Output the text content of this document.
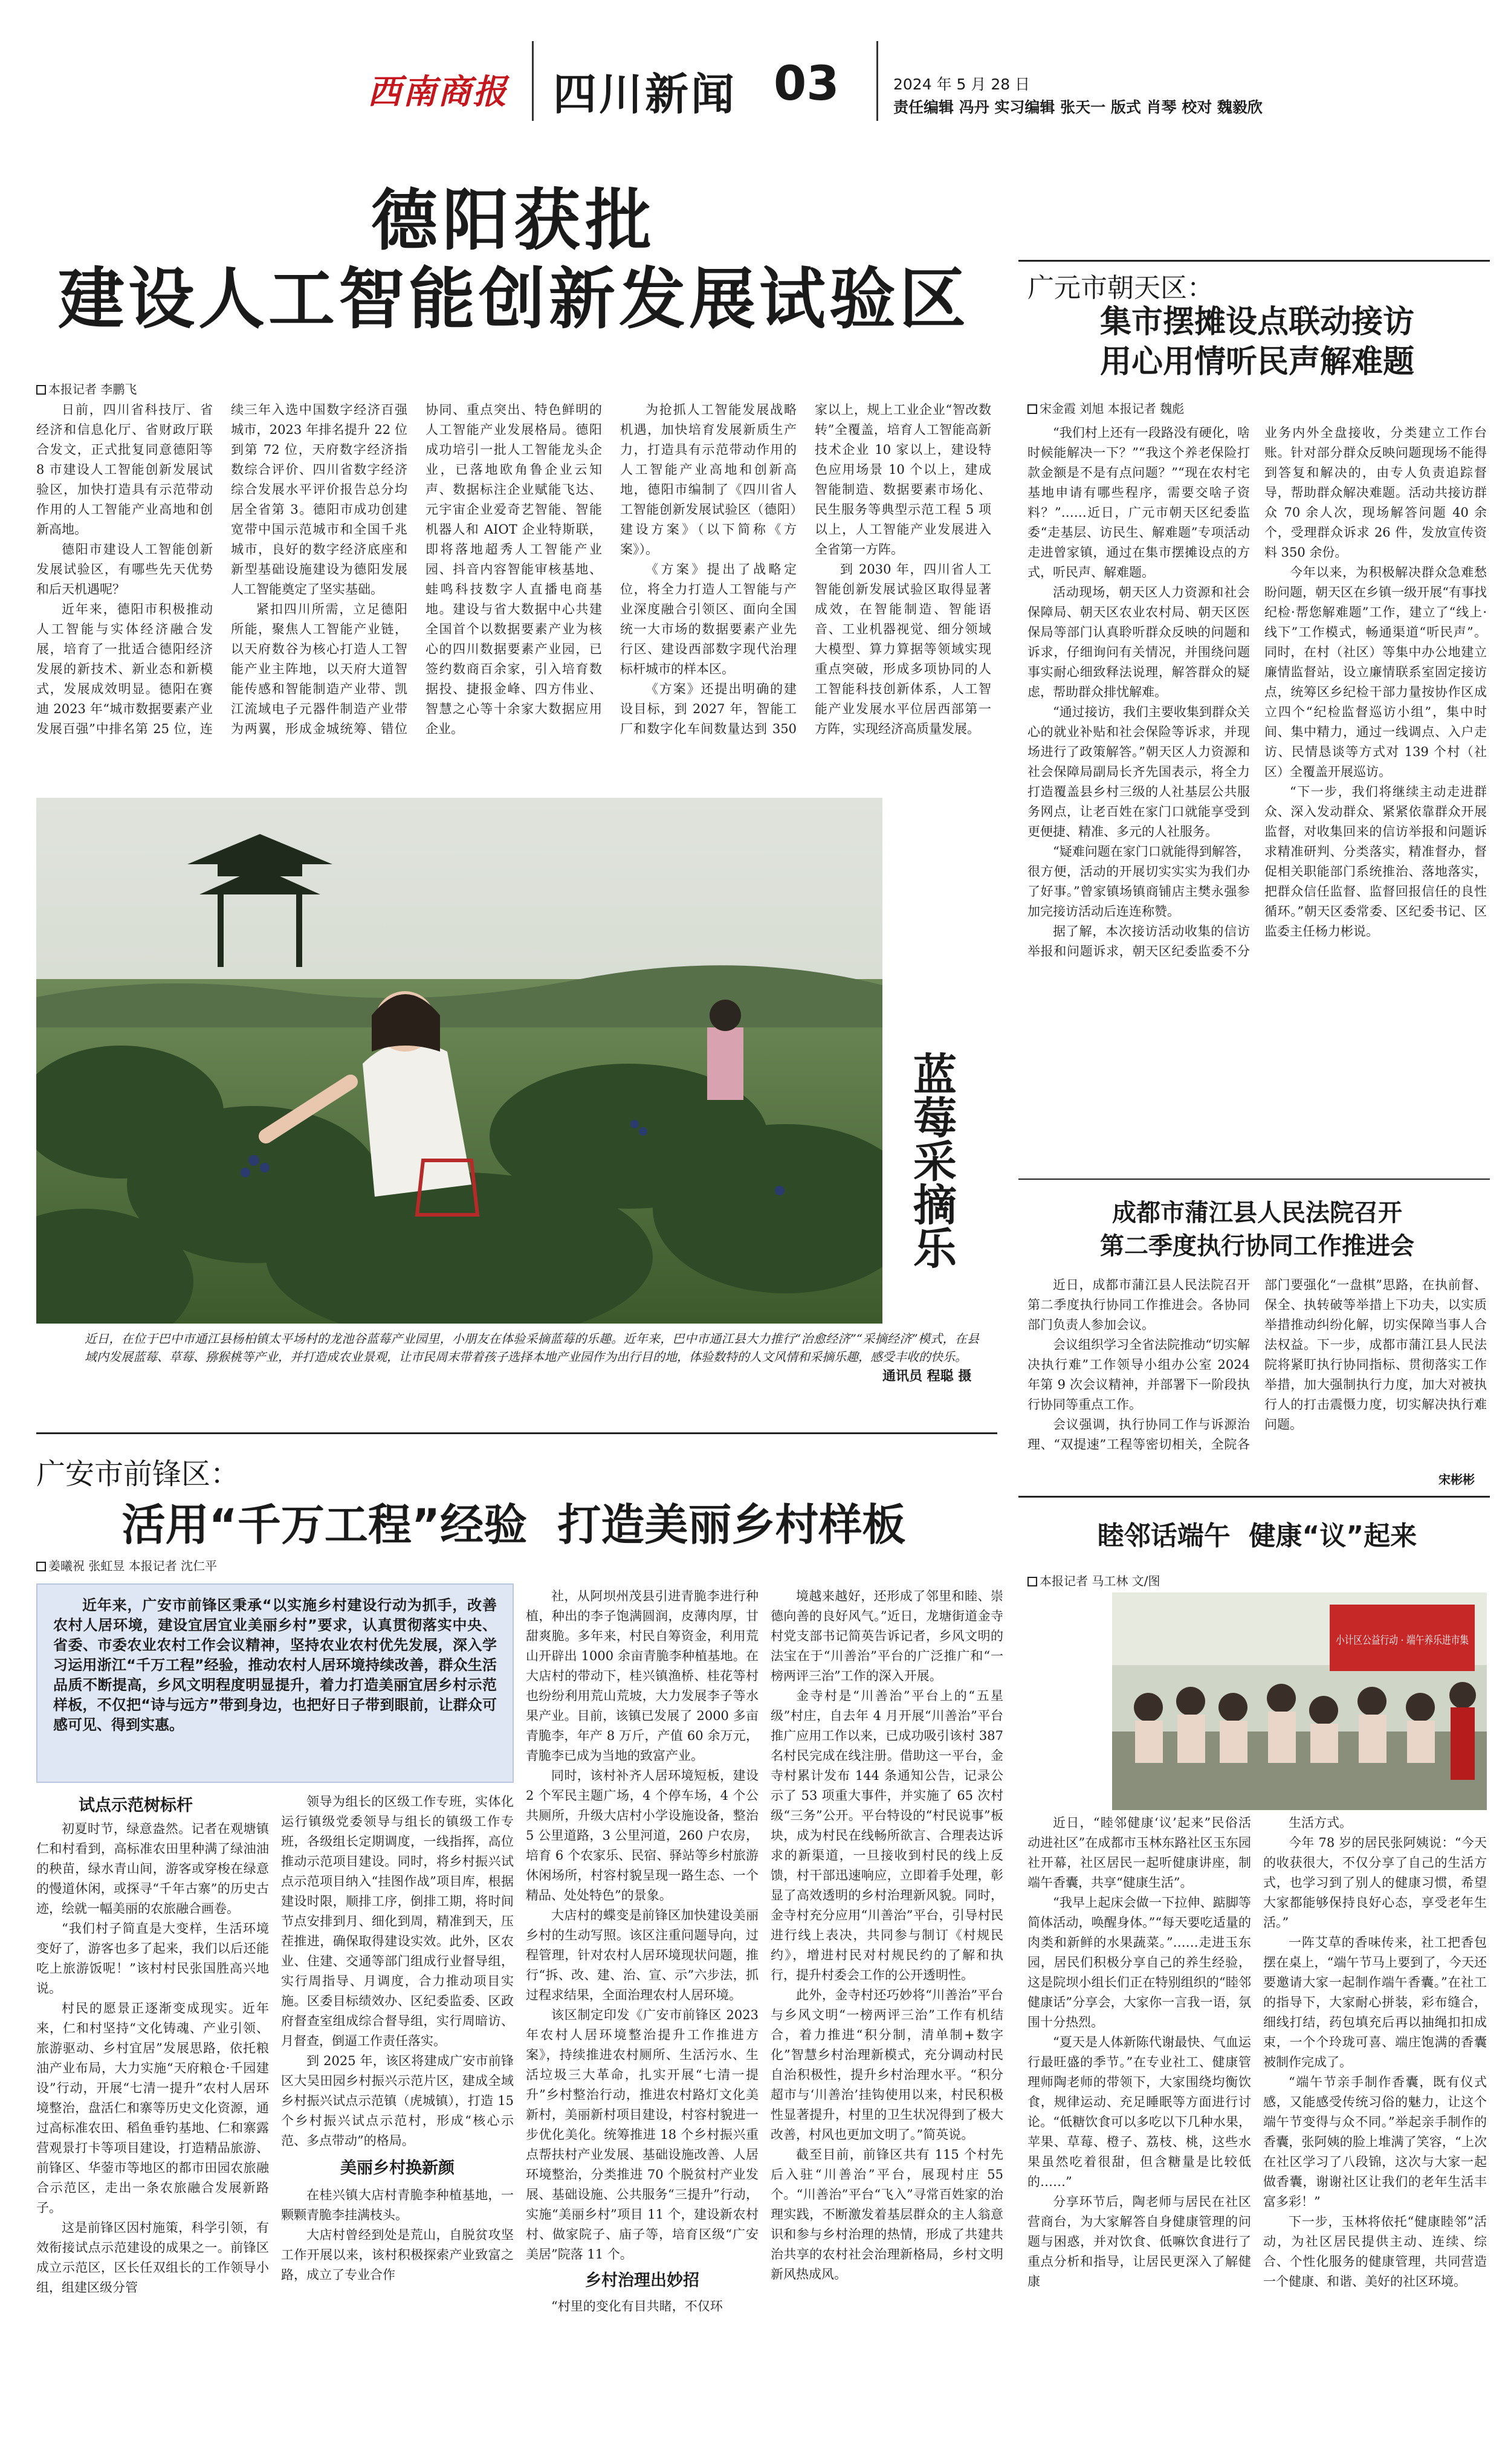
西南商报 四川新闻 03	2024 年 5 月 28 日
责任编辑 冯丹 实习编辑 张天一 版式 肖琴 校对 魏毅欣
德阳获批
建设人工智能创新发展试验区
本报记者 李鹏飞

日前，四川省科技厅、省经济和信息化厅、省财政厅联合发文，正式批复同意德阳等 8 市建设人工智能创新发展试验区，加快打造具有示范带动作用的人工智能产业高地和创新高地。

德阳市建设人工智能创新发展试验区，有哪些先天优势和后天机遇呢？

近年来，德阳市积极推动人工智能与实体经济融合发展，培育了一批适合德阳经济发展的新技术、新业态和新模式，发展成效明显。德阳在赛迪 2023 年“城市数据要素产业发展百强”中排名第 25 位，连续三年入选中国数字经济百强城市，2023 年排名提升 22 位到第 72 位，天府数字经济指数综合评价、四川省数字经济综合发展水平评价报告总分均居全省第 3。德阳市成功创建宽带中国示范城市和全国千兆城市，良好的数字经济底座和新型基础设施建设为德阳发展人工智能奠定了坚实基础。

紧扣四川所需，立足德阳所能，聚焦人工智能产业链，以天府数谷为核心打造人工智能产业主阵地，以天府大道智能传感和智能制造产业带、凯江流域电子元器件制造产业带为两翼，形成金城统筹、错位协同、重点突出、特色鲜明的人工智能产业发展格局。德阳成功培引一批人工智能龙头企业，已落地欧角鲁企业云知声、数据标注企业赋能飞达、元宇宙企业爱奇艺智能、智能机器人和 AIOT 企业特斯联，即将落地超秀人工智能产业园、抖音内容智能审核基地、蛙鸣科技数字人直播电商基地。建设与省大数据中心共建全国首个以数据要素产业为核心的四川数据要素产业园，已签约数商百余家，引入培育数据投、捷报金峰、四方伟业、智慧之心等十余家大数据应用企业。

为抢抓人工智能发展战略机遇，加快培育发展新质生产力，打造具有示范带动作用的人工智能产业高地和创新高地，德阳市编制了《四川省人工智能创新发展试验区（德阳）建设方案》（以下简称《方案》）。

《方案》提出了战略定位，将全力打造人工智能与产业深度融合引领区、面向全国统一大市场的数据要素产业先行区、建设西部数字现代治理标杆城市的样本区。

《方案》还提出明确的建设目标，到 2027 年，智能工厂和数字化车间数量达到 350 家以上，规上工业企业“智改数转”全覆盖，培育人工智能高新技术企业 10 家以上，建设特色应用场景 10 个以上，建成智能制造、数据要素市场化、民生服务等典型示范工程 5 项以上，人工智能产业发展进入全省第一方阵。

到 2030 年，四川省人工智能创新发展试验区取得显著成效，在智能制造、智能语音、工业机器视觉、细分领域大模型、算力算据等领域实现重点突破，形成多项协同的人工智能科技创新体系，人工智能产业发展水平位居西部第一方阵，实现经济高质量发展。

蓝莓采摘乐
近日，在位于巴中市通江县杨柏镇太平场村的龙池谷蓝莓产业园里，小朋友在体验采摘蓝莓的乐趣。近年来，巴中市通江县大力推行“治愈经济”“采摘经济”模式，在县域内发展蓝莓、草莓、猕猴桃等产业，并打造成农业景观，让市民周末带着孩子选择本地产业园作为出行目的地，体验数特的人文风情和采摘乐趣，感受丰收的快乐。
通讯员 程聪 摄
广元市朝天区：
集市摆摊设点联动接访
用心用情听民声解难题
宋金霞 刘旭 本报记者 魏彪

“我们村上还有一段路没有硬化，啥时候能解决一下？”“我这个养老保险打款金额是不是有点问题？”“现在农村宅基地申请有哪些程序，需要交啥子资料？”……近日，广元市朝天区纪委监委“走基层、访民生、解难题”专项活动走进曾家镇，通过在集市摆摊设点的方式，听民声、解难题。

活动现场，朝天区人力资源和社会保障局、朝天区农业农村局、朝天区医保局等部门认真聆听群众反映的问题和诉求，仔细询问有关情况，并围绕问题事实耐心细致释法说理，解答群众的疑虑，帮助群众排忧解难。

“通过接访，我们主要收集到群众关心的就业补贴和社会保险等诉求，并现场进行了政策解答。”朝天区人力资源和社会保障局副局长齐先国表示，将全力打造覆盖县乡村三级的人社基层公共服务网点，让老百姓在家门口就能享受到更便捷、精准、多元的人社服务。

“疑难问题在家门口就能得到解答，很方便，活动的开展切实实实为我们办了好事。”曾家镇场镇商铺店主樊永强参加完接访活动后连连称赞。

据了解，本次接访活动收集的信访举报和问题诉求，朝天区纪委监委不分业务内外全盘接收，分类建立工作台账。针对部分群众反映问题现场不能得到答复和解决的，由专人负责追踪督导，帮助群众解决难题。活动共接访群众 70 余人次，现场解答问题 40 余个，受理群众诉求 26 件，发放宣传资料 350 余份。

今年以来，为积极解决群众急难愁盼问题，朝天区在乡镇一级开展“有事找纪检·帮您解难题”工作，建立了“线上·线下”工作模式，畅通渠道“听民声”。同时，在村（社区）等集中办公地建立廉情监督站，设立廉情联系室固定接访点，统筹区乡纪检干部力量按协作区成立四个“纪检监督巡访小组”，集中时间、集中精力，通过一线调点、入户走访、民情恳谈等方式对 139 个村（社区）全覆盖开展巡访。

“下一步，我们将继续主动走进群众、深入发动群众、紧紧依靠群众开展监督，对收集回来的信访举报和问题诉求精准研判、分类落实，精准督办，督促相关职能部门系统推治、落地落实，把群众信任监督、监督回报信任的良性循环。”朝天区委常委、区纪委书记、区监委主任杨力彬说。

成都市蒲江县人民法院召开
第二季度执行协同工作推进会

近日，成都市蒲江县人民法院召开第二季度执行协同工作推进会。各协同部门负责人参加会议。

会议组织学习全省法院推动“切实解决执行难”工作领导小组办公室 2024 年第 9 次会议精神，并部署下一阶段执行协同等重点工作。

会议强调，执行协同工作与诉源治理、“双提速”工程等密切相关，全院各部门要强化“一盘棋”思路，在执前督、保全、执转破等举措上下功夫，以实质举措推动纠纷化解，切实保障当事人合法权益。下一步，成都市蒲江县人民法院将紧盯执行协同指标、贯彻落实工作举措，加大强制执行力度，加大对被执行人的打击震慑力度，切实解决执行难问题。

宋彬彬
广安市前锋区：
活用“千万工程”经验  打造美丽乡村样板
姜曦祝 张虹昱 本报记者 沈仁平
近年来，广安市前锋区秉承“以实施乡村建设行动为抓手，改善农村人居环境，建设宜居宜业美丽乡村”要求，认真贯彻落实中央、省委、市委农业农村工作会议精神，坚持农业农村优先发展，深入学习运用浙江“千万工程”经验，推动农村人居环境持续改善，群众生活品质不断提高，乡风文明程度明显提升，着力打造美丽宜居乡村示范样板，不仅把“诗与远方”带到身边，也把好日子带到眼前，让群众可感可见、得到实惠。
试点示范树标杆

初夏时节，绿意盎然。记者在观塘镇仁和村看到，高标准农田里种满了绿油油的秧苗，绿水青山间，游客或穿梭在绿意的慢道休闲，或探寻“千年古寨”的历史古迹，绘就一幅美丽的农旅融合画卷。

“我们村子简直是大变样，生活环境变好了，游客也多了起来，我们以后还能吃上旅游饭呢！”该村村民张国胜高兴地说。

村民的愿景正逐渐变成现实。近年来，仁和村坚持“文化铸魂、产业引领、旅游驱动、乡村宜居”发展思路，依托粮油产业布局，大力实施“天府粮仓·千园建设”行动，开展“七清一提升”农村人居环境整治，盘活仁和寨等历史文化资源，通过高标准农田、稻鱼垂钓基地、仁和寨露营观景打卡等项目建设，打造精品旅游、前锋区、华蓥市等地区的都市田园农旅融合示范区，走出一条农旅融合发展新路子。

这是前锋区因村施策，科学引领，有效衔接试点示范建设的成果之一。前锋区成立示范区，区长任双组长的工作领导小组，组建区级分管

领导为组长的区级工作专班，实体化运行镇级党委领导与组长的镇级工作专班，各级组长定期调度，一线指挥，高位推动示范项目建设。同时，将乡村振兴试点示范项目纳入“挂图作战”项目库，根据建设时限，顺排工序，倒排工期，将时间节点安排到月、细化到周，精准到天，压茬推进，确保取得建设实效。此外，区农业、住建、交通等部门组成行业督导组，实行周指导、月调度，合力推动项目实施。区委目标绩效办、区纪委监委、区政府督查室组成综合督导组，实行周暗访、月督查，倒逼工作责任落实。

到 2025 年，该区将建成广安市前锋区大吴田园乡村振兴示范片区，建成全域乡村振兴试点示范镇（虎城镇），打造 15 个乡村振兴试点示范村，形成“核心示范、多点带动”的格局。

美丽乡村换新颜

在桂兴镇大店村青脆李种植基地，一颗颗青脆李挂满枝头。

大店村曾经到处是荒山，自脱贫攻坚工作开展以来，该村积极探索产业致富之路，成立了专业合作

社，从阿坝州茂县引进青脆李进行种植，种出的李子饱满圆润，皮薄肉厚，甘甜爽脆。多年来，村民自筹资金，利用荒山开辟出 1000 余亩青脆李种植基地。在大店村的带动下，桂兴镇渔桥、桂花等村也纷纷利用荒山荒坡，大力发展李子等水果产业。目前，该镇已发展了 2000 多亩青脆李，年产 8 万斤，产值 60 余万元，青脆李已成为当地的致富产业。

同时，该村补齐人居环境短板，建设 2 个军民主题广场，4 个停车场，4 个公共厕所，升级大店村小学设施设备，整治 5 公里道路，3 公里河道，260 户农房，培育 6 个农家乐、民宿、驿站等乡村旅游休闲场所，村容村貌呈现一路生态、一个精品、处处特色”的景象。

大店村的蝶变是前锋区加快建设美丽乡村的生动写照。该区注重问题导向，过程管理，针对农村人居环境现状问题，推行“拆、改、建、治、宣、示”六步法，抓过程求结果，全面治理农村人居环境。

该区制定印发《广安市前锋区 2023 年农村人居环境整治提升工作推进方案》，持续推进农村厕所、生活污水、生活垃圾三大革命，扎实开展“七清一提升”乡村整治行动，推进农村路灯文化美新村，美丽新村项目建设，村容村貌进一步优化美化。统筹推进 18 个乡村振兴重点帮扶村产业发展、基础设施改善、人居环境整治，分类推进 70 个脱贫村产业发展、基础设施、公共服务“三提升”行动，实施“美丽乡村”项目 11 个，建设新农村村、做家院子、庙子等，培育区级“广安美居”院落 11 个。

乡村治理出妙招

“村里的变化有目共睹，不仅环

境越来越好，还形成了邻里和睦、崇德向善的良好风气。”近日，龙塘街道金寺村党支部书记简英告诉记者，乡风文明的法宝在于“川善治”平台的广泛推广和“一榜两评三治”工作的深入开展。

金寺村是“川善治”平台上的“五星级”村庄，自去年 4 月开展“川善治”平台推广应用工作以来，已成功吸引该村 387 名村民完成在线注册。借助这一平台，金寺村累计发布 144 条通知公告，记录公示了 53 项重大事件，并实施了 65 次村级“三务”公开。平台特设的“村民说事”板块，成为村民在线畅所欲言、合理表达诉求的新渠道，一旦接收到村民的线上反馈，村干部迅速响应，立即着手处理，彰显了高效透明的乡村治理新风貌。同时，金寺村充分应用“川善治”平台，引导村民进行线上表决，共同参与制订《村规民约》，增进村民对村规民约的了解和执行，提升村委会工作的公开透明性。

此外，金寺村还巧妙将“川善治”平台与乡风文明“一榜两评三治”工作有机结合，着力推进“积分制，清单制+数字化”智慧乡村治理新模式，充分调动村民自治积极性，提升乡村治理水平。“积分超市与‘川善治’挂钩使用以来，村民积极性显著提升，村里的卫生状况得到了极大改善，村风也更加文明了。”简英说。

截至目前，前锋区共有 115 个村先后入驻“川善治”平台，展现村庄 55 个。“川善治”平台“飞入”寻常百姓家的治理实践，不断激发着基层群众的主人翁意识和参与乡村治理的热情，形成了共建共治共享的农村社会治理新格局，乡村文明新风热成风。

睦邻话端午  健康“议”起来
本报记者 马工林 文/图
小计区公益行动 · 端午养乐进市集

近日，“睦邻健康‘议’起来”民俗活动进社区”在成都市玉林东路社区玉东园社开幕，社区居民一起听健康讲座，制端午香囊，共享“健康生活”。

“我早上起床会做一下拉伸、踮脚等简体活动，唤醒身体。”“每天要吃适量的肉类和新鲜的水果蔬菜。”……走进玉东园，居民们积极分享自己的养生经验，这是院坝小组长们正在特别组织的“睦邻健康话”分享会，大家你一言我一语，氛围十分热烈。

“夏天是人体新陈代谢最快、气血运行最旺盛的季节。”在专业社工、健康管理师陶老师的带领下，大家围绕均衡饮食，规律运动、充足睡眠等方面进行讨论。“低糖饮食可以多吃以下几种水果，苹果、草莓、橙子、荔枝、桃，这些水果虽然吃着很甜，但含糖量是比较低的……”

分享环节后，陶老师与居民在社区营商台，为大家解答自身健康管理的问题与困惑，并对饮食、低嘛饮食进行了重点分析和指导，让居民更深入了解健康

生活方式。

今年 78 岁的居民张阿姨说：“今天的收获很大，不仅分享了自己的生活方式，也学习到了别人的健康习惯，希望大家都能够保持良好心态，享受老年生活。”

一阵艾草的香味传来，社工把香包摆在桌上，“端午节马上要到了，今天还要邀请大家一起制作端午香囊。”在社工的指导下，大家耐心拼装，彩布缝合，细线打结，药包填充后再以抽绳扣扣成束，一个个玲珑可喜、端庄饱满的香囊被制作完成了。

“端午节亲手制作香囊，既有仪式感，又能感受传统习俗的魅力，让这个端午节变得与众不同。”举起亲手制作的香囊，张阿姨的脸上堆满了笑容，“上次在社区学习了八段锦，这次与大家一起做香囊，谢谢社区让我们的老年生活丰富多彩！”

下一步，玉林将依托“健康睦邻”活动，为社区居民提供主动、连续、综合、个性化服务的健康管理，共同营造一个健康、和谐、美好的社区环境。
